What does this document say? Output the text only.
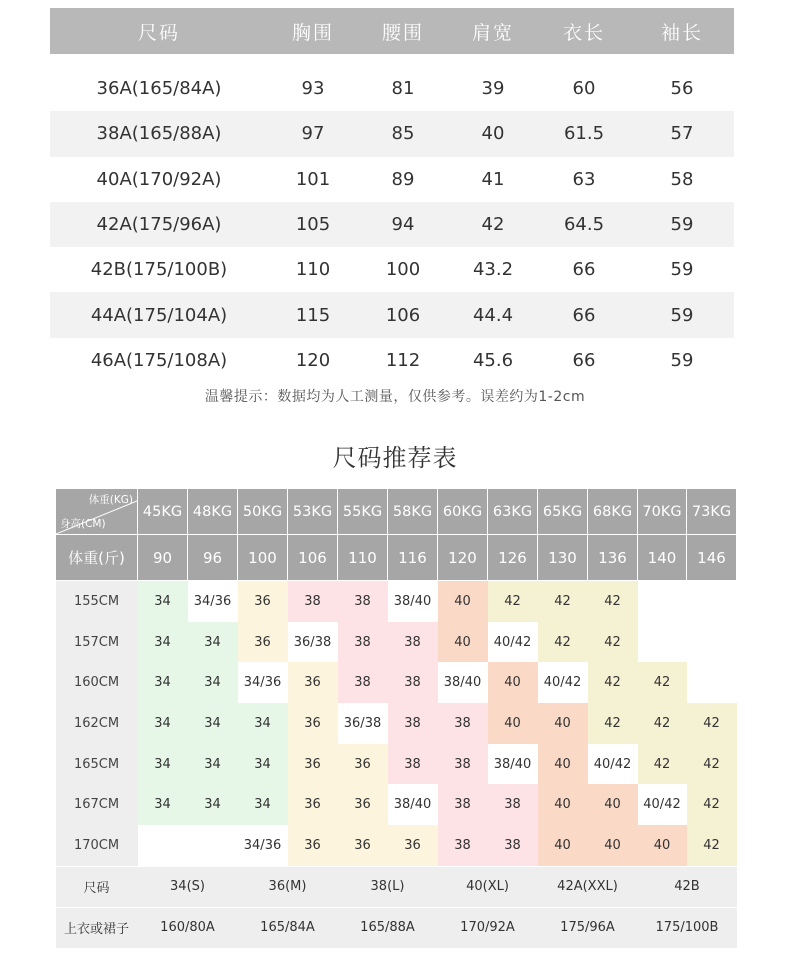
尺码	胸围	腰围	肩宽	衣长	袖长

36A(165/84A)	93	81	39	60	56
38A(165/88A)	97	85	40	61.5	57
40A(170/92A)	101	89	41	63	58
42A(175/96A)	105	94	42	64.5	59
42B(175/100B)	110	100	43.2	66	59
44A(175/104A)	115	106	44.4	66	59
46A(175/108A)	120	112	45.6	66	59
温馨提示：数据均为人工测量，仅供参考。误差约为1-2cm
尺码推荐表
体重(KG)
身高(CM)	45KG	48KG	50KG	53KG	55KG	58KG	60KG	63KG	65KG	68KG	70KG	73KG
体重(斤)	90	96	100	106	110	116	120	126	130	136	140	146
155CM	34	34/36	36	38	38	38/40	40	42	42	42		
157CM	34	34	36	36/38	38	38	40	40/42	42	42		
160CM	34	34	34/36	36	38	38	38/40	40	40/42	42	42	
162CM	34	34	34	36	36/38	38	38	40	40	42	42	42
165CM	34	34	34	36	36	38	38	38/40	40	40/42	42	42
167CM	34	34	34	36	36	38/40	38	38	40	40	40/42	42
170CM			34/36	36	36	36	38	38	40	40	40	42
尺码	34(S)		36(M)		38(L)		40(XL)		42A(XXL)		42B	
上衣或裙子	160/80A		165/84A		165/88A		170/92A		175/96A		175/100B	
